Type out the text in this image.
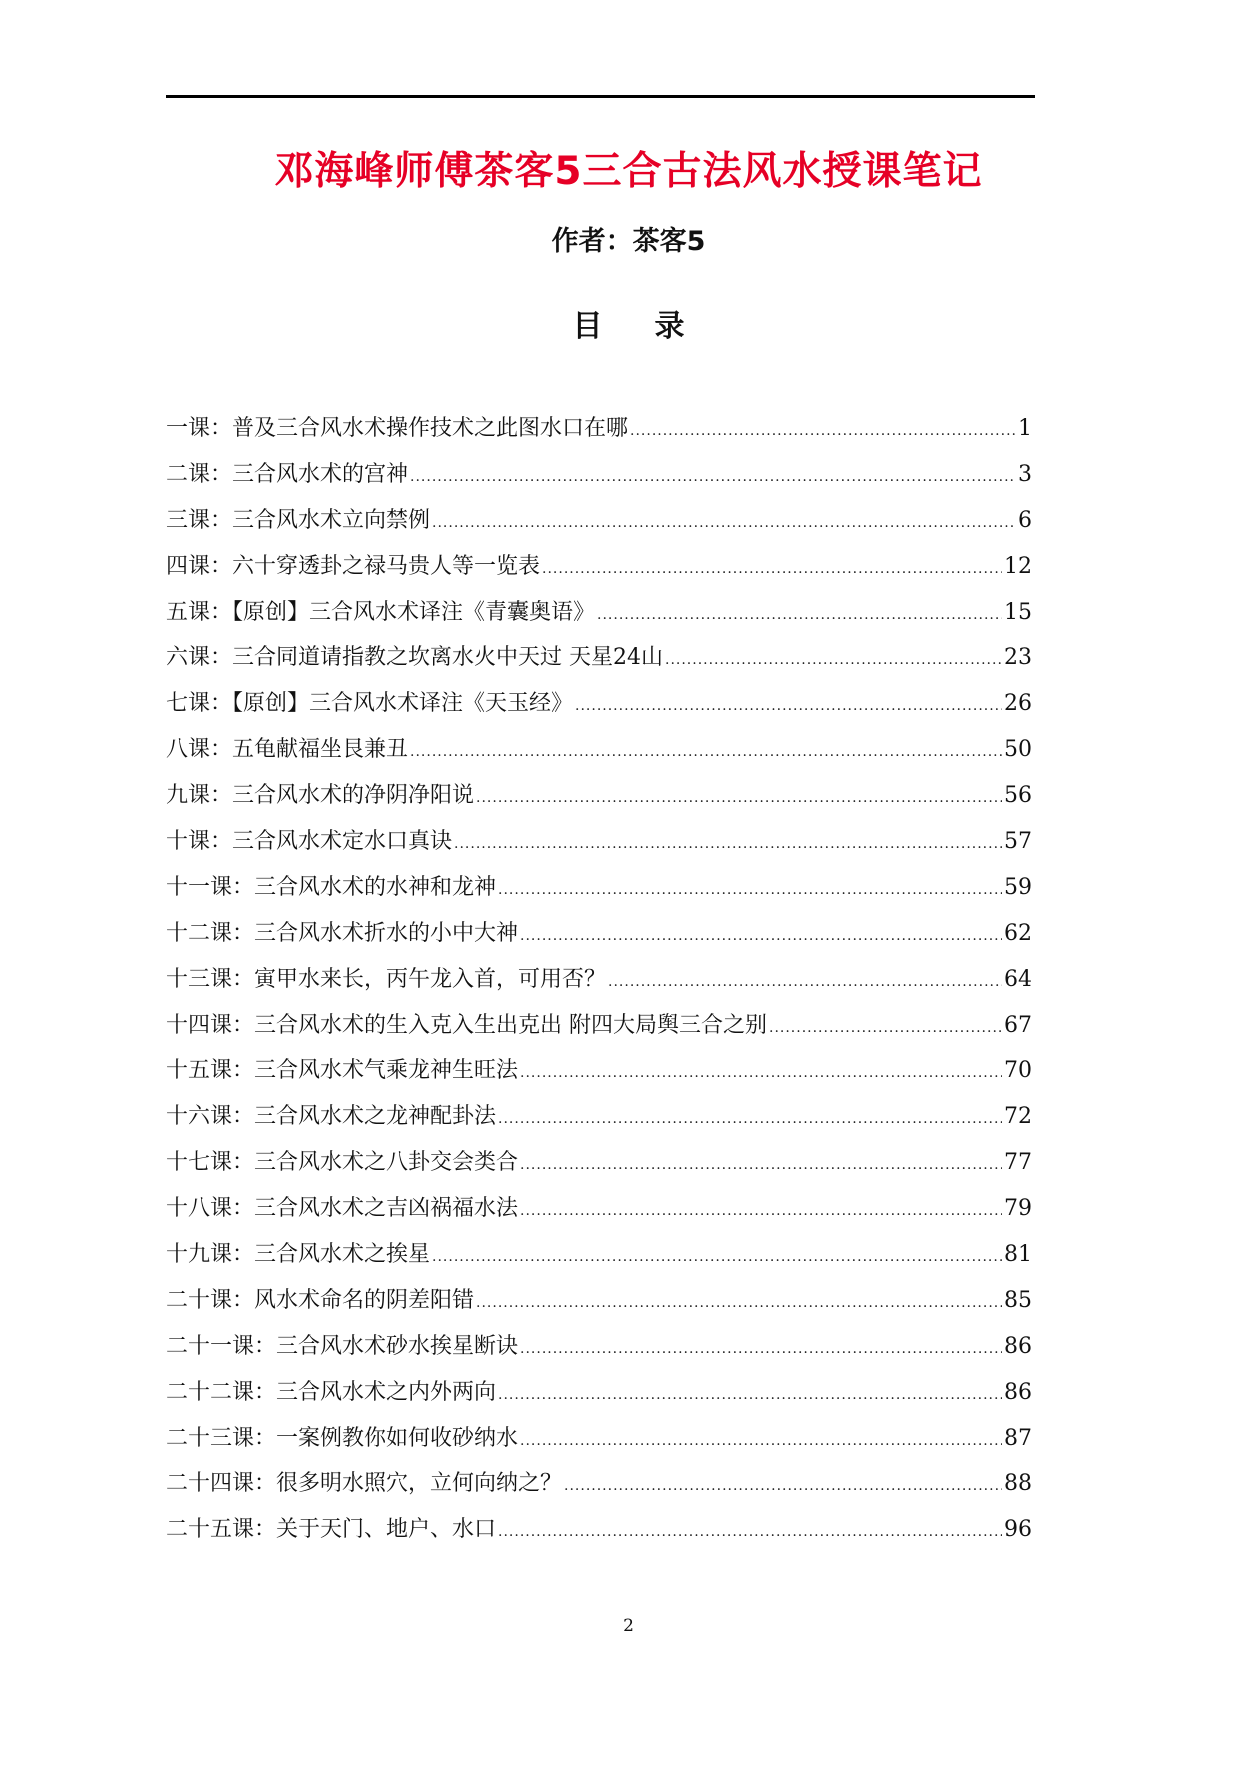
邓海峰师傅茶客5三合古法风水授课笔记
作者：茶客5
目 录
一课：普及三合风水术操作技术之此图水口在哪 .....	1
二课：三合风水术的宫神 .....	3
三课：三合风水术立向禁例 .....	6
四课：六十穿透卦之禄马贵人等一览表 .....	12
五课：【原创】三合风水术译注《青囊奥语》 .....	15
六课：三合同道请指教之坎离水火中天过 天星24山 .....	23
七课：【原创】三合风水术译注《天玉经》 .....	26
八课：五龟献福坐艮兼丑 .....	50
九课：三合风水术的净阴净阳说 .....	56
十课：三合风水术定水口真诀 .....	57
十一课：三合风水术的水神和龙神 .....	59
十二课：三合风水术折水的小中大神 .....	62
十三课：寅甲水来长，丙午龙入首，可用否？ .....	64
十四课：三合风水术的生入克入生出克出 附四大局舆三合之别 .....	67
十五课：三合风水术气乘龙神生旺法 .....	70
十六课：三合风水术之龙神配卦法 .....	72
十七课：三合风水术之八卦交会类合 .....	77
十八课：三合风水术之吉凶祸福水法 .....	79
十九课：三合风水术之挨星 .....	81
二十课：风水术命名的阴差阳错 .....	85
二十一课：三合风水术砂水挨星断诀 .....	86
二十二课：三合风水术之内外两向 .....	86
二十三课：一案例教你如何收砂纳水 .....	87
二十四课：很多明水照穴，立何向纳之？ .....	88
二十五课：关于天门、地户、水口 .....	96
2
